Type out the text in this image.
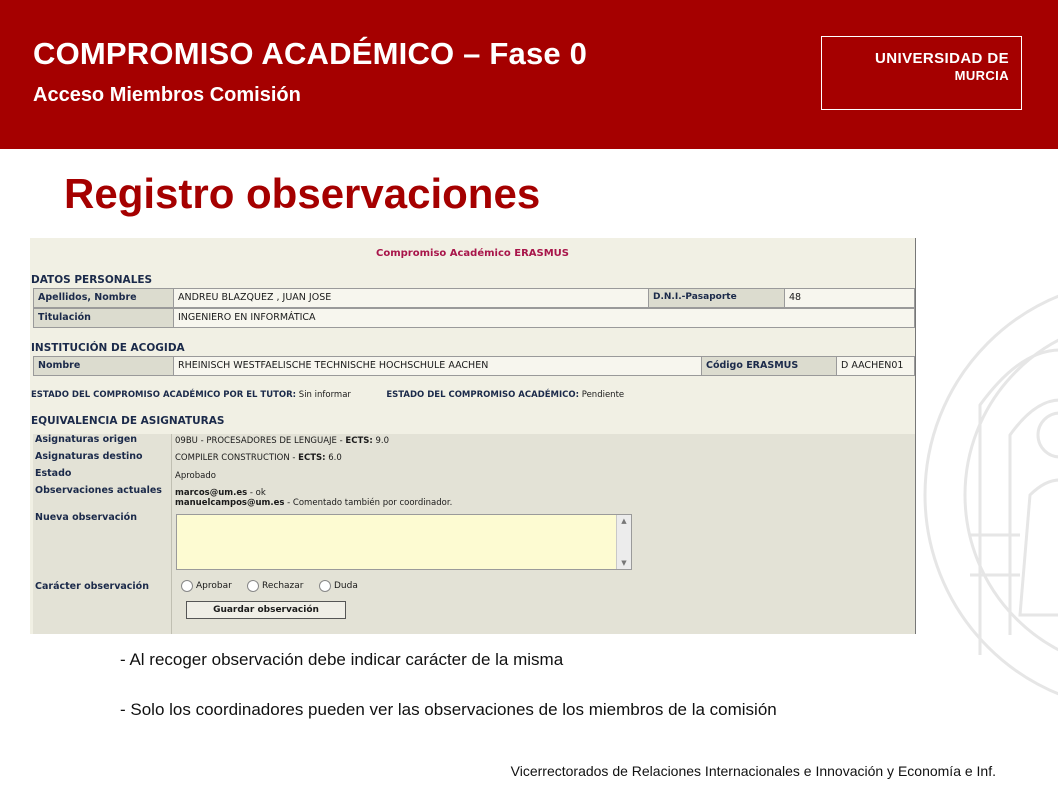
COMPROMISO ACADÉMICO – Fase 0
Acceso Miembros Comisión
UNIVERSIDAD DE
MURCIA
Registro observaciones
Compromiso Académico ERASMUS
DATOS PERSONALES
Apellidos, Nombre	ANDREU BLAZQUEZ , JUAN JOSE	D.N.I.-Pasaporte	48
Titulación	INGENIERO EN INFORMÁTICA
INSTITUCIÓN DE ACOGIDA
Nombre	RHEINISCH WESTFAELISCHE TECHNISCHE HOCHSCHULE AACHEN	Código ERASMUS	D AACHEN01
ESTADO DEL COMPROMISO ACADÉMICO POR EL TUTOR: Sin informar	ESTADO DEL COMPROMISO ACADÉMICO: Pendiente
EQUIVALENCIA DE ASIGNATURAS
Asignaturas origen	09BU - PROCESADORES DE LENGUAJE - ECTS: 9.0
Asignaturas destino	COMPILER CONSTRUCTION - ECTS: 6.0
Estado	Aprobado
Observaciones actuales marcos@um.es - ok
manuelcampos@um.es - Comentado también por coordinador.
Nueva observación	▲
▼
Carácter observación	Aprobar	Rechazar	Duda
Guardar observación
- Al recoger observación debe indicar carácter de la misma
- Solo los coordinadores pueden ver las observaciones de los miembros de la comisión
Vicerrectorados de Relaciones Internacionales e Innovación y Economía e Inf.
